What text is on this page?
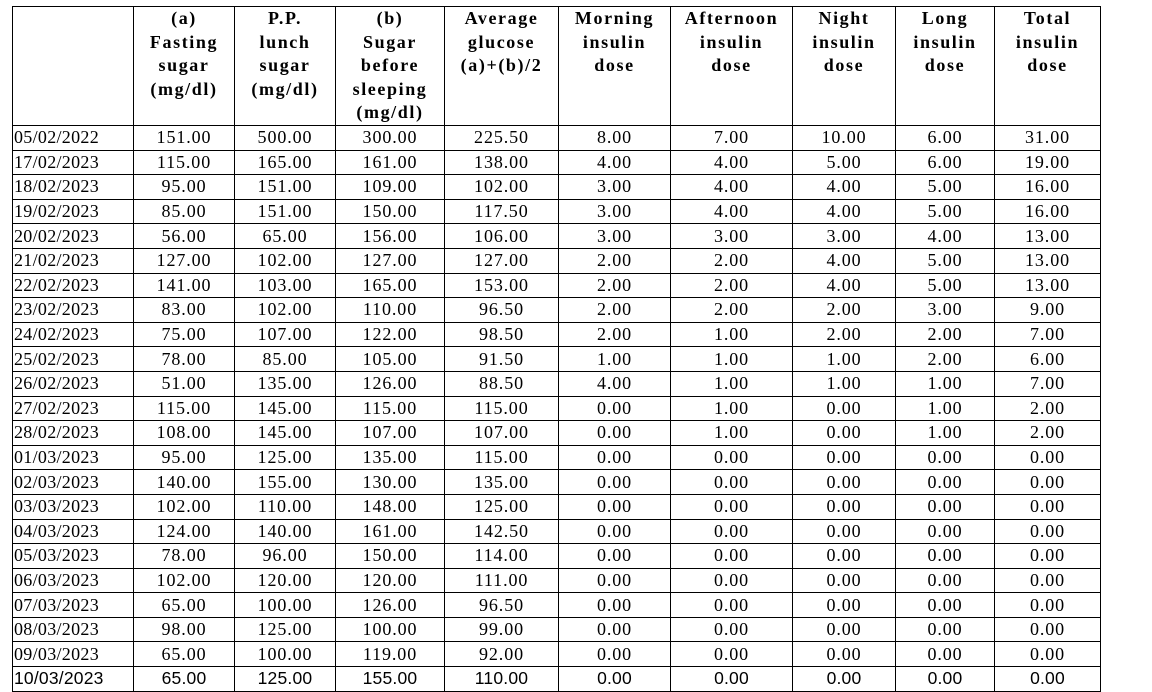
	(a)
Fasting
sugar
(mg/dl)	P.P.
lunch
sugar
(mg/dl)	(b)
Sugar
before
sleeping
(mg/dl)	Average
glucose
(a)+(b)/2	Morning
insulin
dose	Afternoon
insulin
dose	Night
insulin
dose	Long
insulin
dose	Total
insulin
dose

05/02/2022	151.00	500.00	300.00	225.50	8.00	7.00	10.00	6.00	31.00
17/02/2023	115.00	165.00	161.00	138.00	4.00	4.00	5.00	6.00	19.00
18/02/2023	95.00	151.00	109.00	102.00	3.00	4.00	4.00	5.00	16.00
19/02/2023	85.00	151.00	150.00	117.50	3.00	4.00	4.00	5.00	16.00
20/02/2023	56.00	65.00	156.00	106.00	3.00	3.00	3.00	4.00	13.00
21/02/2023	127.00	102.00	127.00	127.00	2.00	2.00	4.00	5.00	13.00
22/02/2023	141.00	103.00	165.00	153.00	2.00	2.00	4.00	5.00	13.00
23/02/2023	83.00	102.00	110.00	96.50	2.00	2.00	2.00	3.00	9.00
24/02/2023	75.00	107.00	122.00	98.50	2.00	1.00	2.00	2.00	7.00
25/02/2023	78.00	85.00	105.00	91.50	1.00	1.00	1.00	2.00	6.00
26/02/2023	51.00	135.00	126.00	88.50	4.00	1.00	1.00	1.00	7.00
27/02/2023	115.00	145.00	115.00	115.00	0.00	1.00	0.00	1.00	2.00
28/02/2023	108.00	145.00	107.00	107.00	0.00	1.00	0.00	1.00	2.00
01/03/2023	95.00	125.00	135.00	115.00	0.00	0.00	0.00	0.00	0.00
02/03/2023	140.00	155.00	130.00	135.00	0.00	0.00	0.00	0.00	0.00
03/03/2023	102.00	110.00	148.00	125.00	0.00	0.00	0.00	0.00	0.00
04/03/2023	124.00	140.00	161.00	142.50	0.00	0.00	0.00	0.00	0.00
05/03/2023	78.00	96.00	150.00	114.00	0.00	0.00	0.00	0.00	0.00
06/03/2023	102.00	120.00	120.00	111.00	0.00	0.00	0.00	0.00	0.00
07/03/2023	65.00	100.00	126.00	96.50	0.00	0.00	0.00	0.00	0.00
08/03/2023	98.00	125.00	100.00	99.00	0.00	0.00	0.00	0.00	0.00
09/03/2023	65.00	100.00	119.00	92.00	0.00	0.00	0.00	0.00	0.00
10/03/2023	65.00	125.00	155.00	110.00	0.00	0.00	0.00	0.00	0.00
